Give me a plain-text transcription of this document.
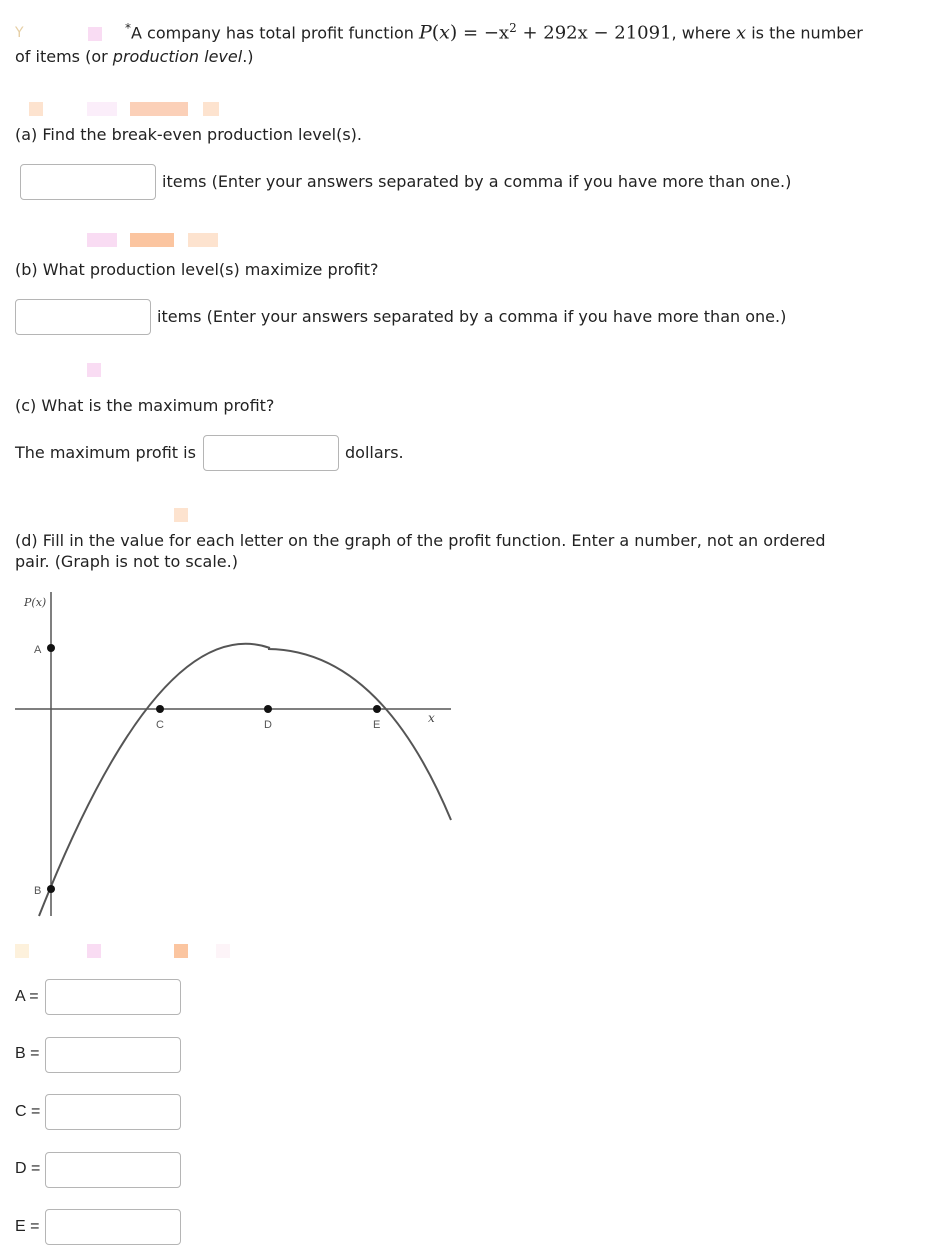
Y	*A company has total profit function $P(x) = -x^2 + 292x - 21091$, where x is the number
of items (or production level.)
(a) Find the break-even production level(s).
items (Enter your answers separated by a comma if you have more than one.)
(b) What production level(s) maximize profit?
items (Enter your answers separated by a comma if you have more than one.)
(c) What is the maximum profit?
The maximum profit is	dollars.
(d) Fill in the value for each letter on the graph of the profit function. Enter a number, not an ordered
pair. (Graph is not to scale.)
P(x)
x
A
B
C	D	E
A =
B =
C =
D =
E =
